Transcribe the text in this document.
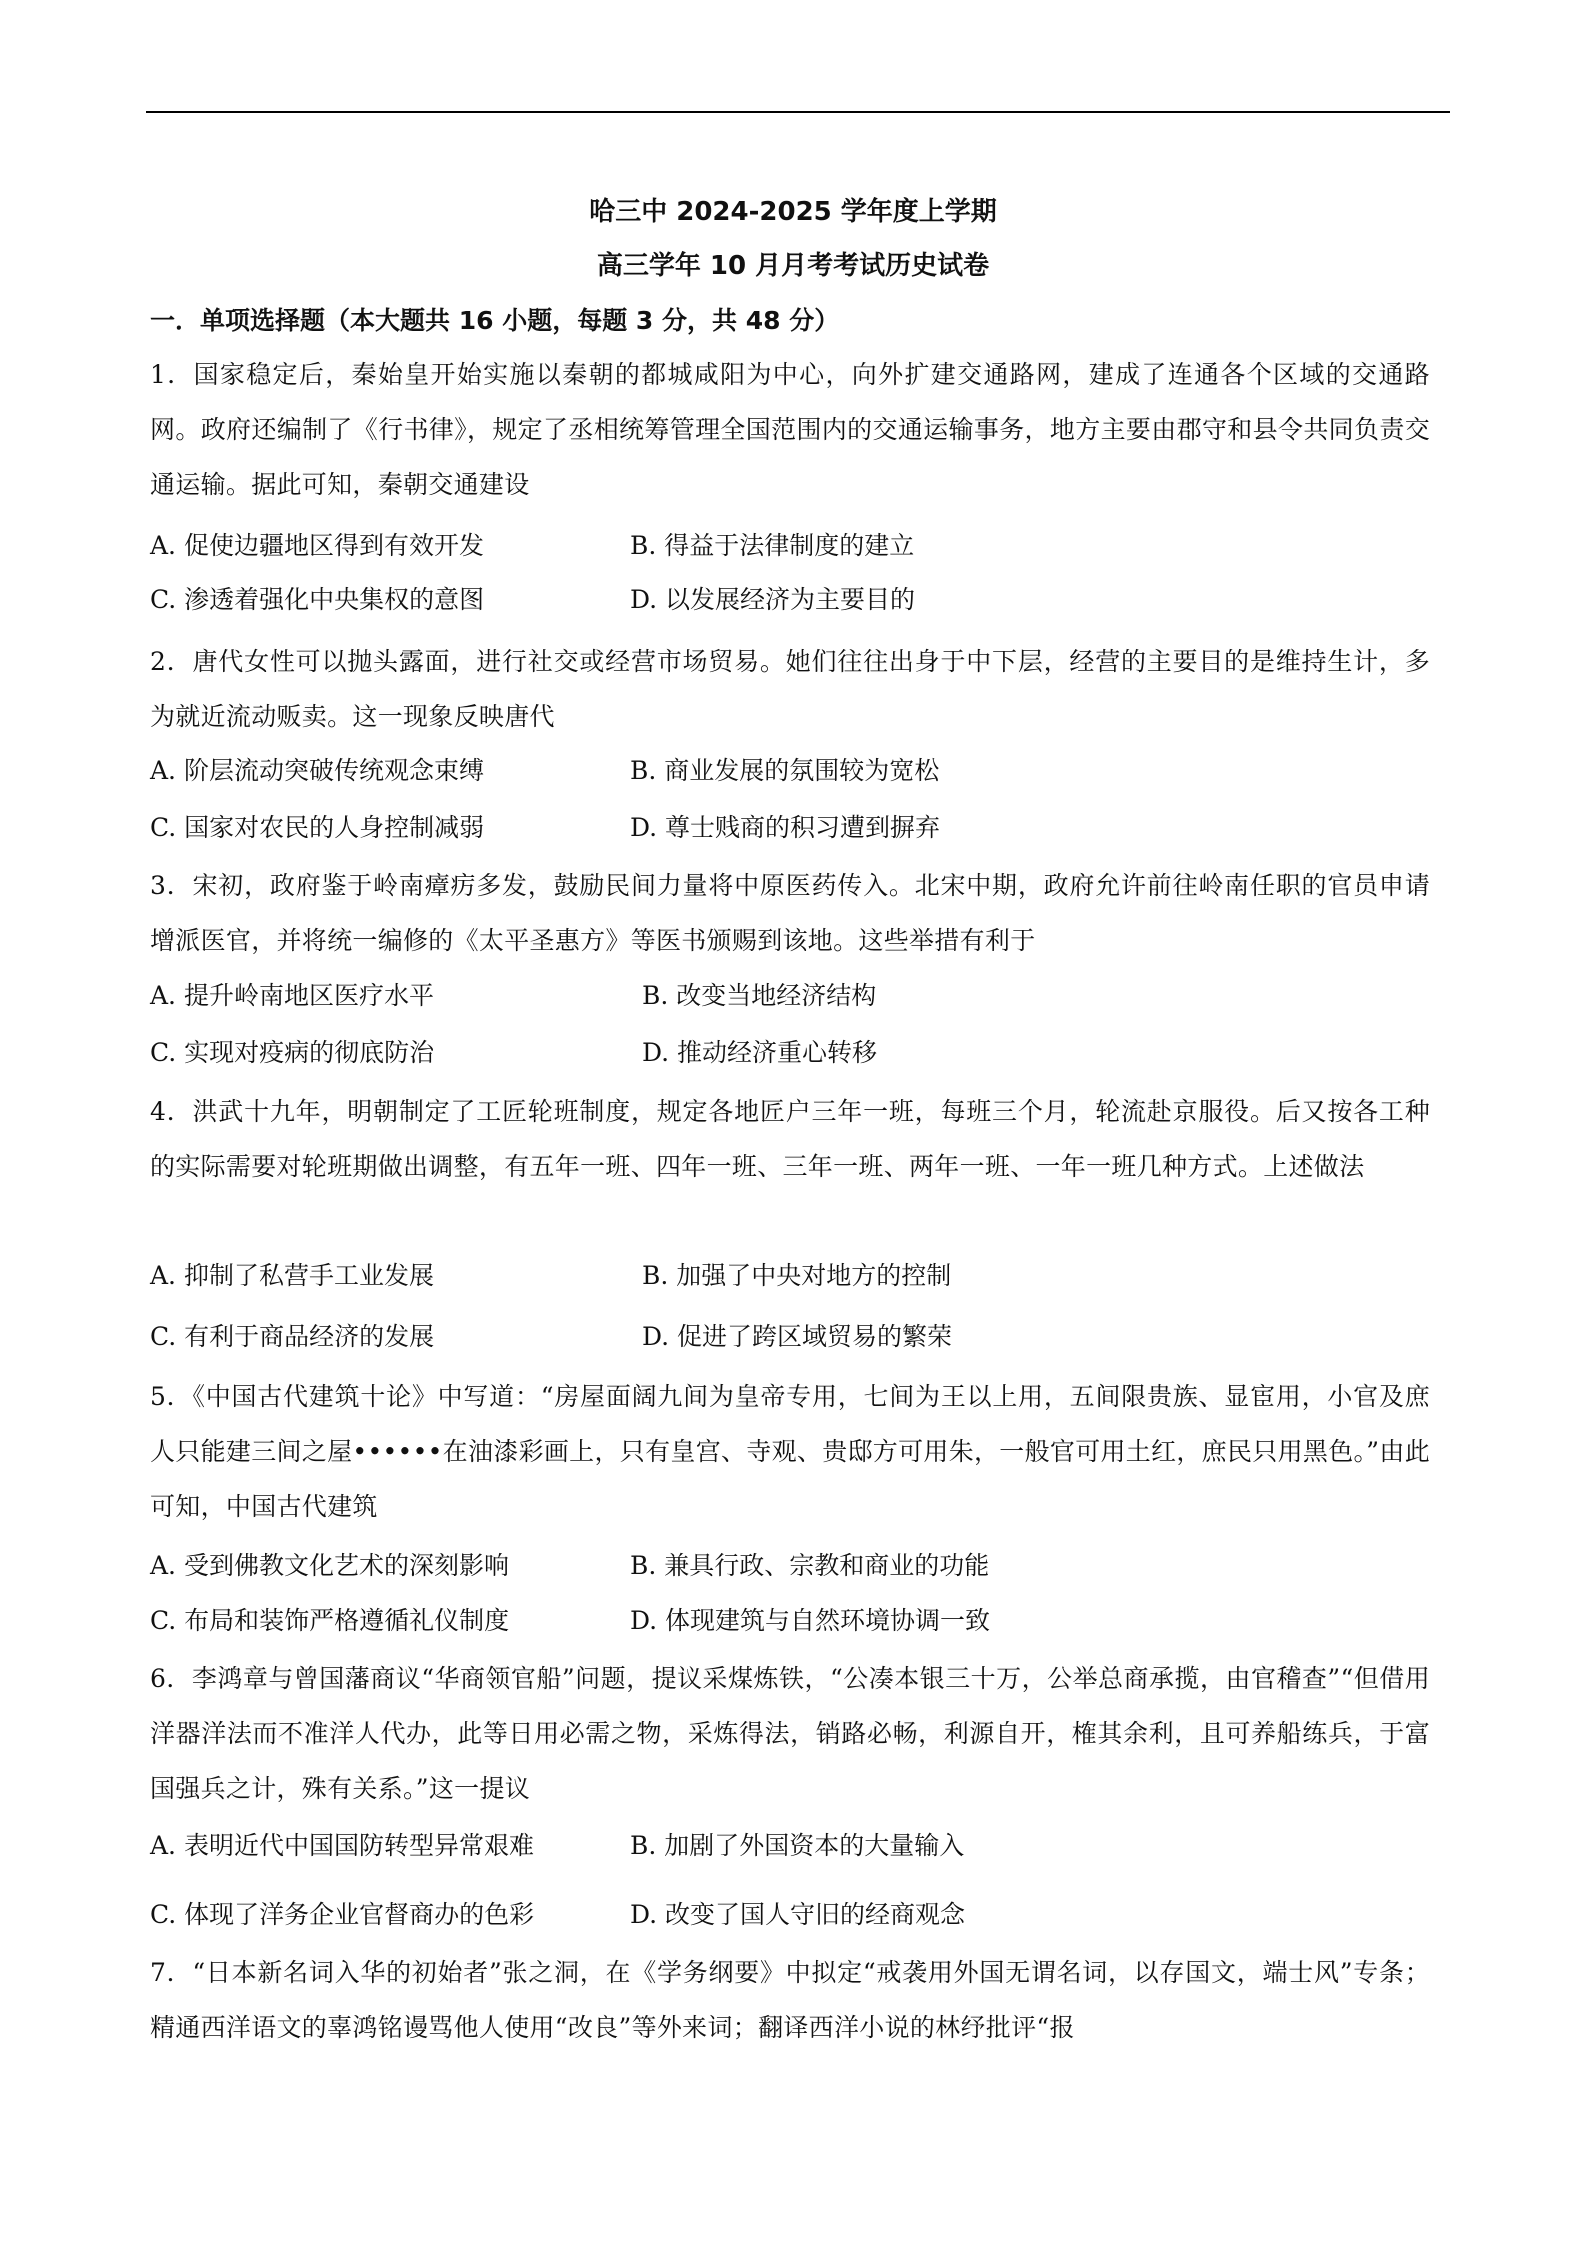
哈三中 2024-2025 学年度上学期
高三学年 10 月月考考试历史试卷
一．单项选择题（本大题共 16 小题，每题 3 分，共 48 分）
1．国家稳定后，秦始皇开始实施以秦朝的都城咸阳为中心，向外扩建交通路网，建成了连通各个区域的交通路网。政府还编制了《行书律》，规定了丞相统筹管理全国范围内的交通运输事务，地方主要由郡守和县令共同负责交通运输。据此可知，秦朝交通建设
A. 促使边疆地区得到有效开发	B. 得益于法律制度的建立
C. 渗透着强化中央集权的意图	D. 以发展经济为主要目的
2．唐代女性可以抛头露面，进行社交或经营市场贸易。她们往往出身于中下层，经营的主要目的是维持生计，多为就近流动贩卖。这一现象反映唐代
A. 阶层流动突破传统观念束缚	B. 商业发展的氛围较为宽松
C. 国家对农民的人身控制减弱	D. 尊士贱商的积习遭到摒弃
3．宋初，政府鉴于岭南瘴疠多发，鼓励民间力量将中原医药传入。北宋中期，政府允许前往岭南任职的官员申请增派医官，并将统一编修的《太平圣惠方》等医书颁赐到该地。这些举措有利于
A. 提升岭南地区医疗水平	B. 改变当地经济结构
C. 实现对疫病的彻底防治	D. 推动经济重心转移
4．洪武十九年，明朝制定了工匠轮班制度，规定各地匠户三年一班，每班三个月，轮流赴京服役。后又按各工种的实际需要对轮班期做出调整，有五年一班、四年一班、三年一班、两年一班、一年一班几种方式。上述做法
A. 抑制了私营手工业发展	B. 加强了中央对地方的控制
C. 有利于商品经济的发展	D. 促进了跨区域贸易的繁荣
5．《中国古代建筑十论》中写道：“房屋面阔九间为皇帝专用，七间为王以上用，五间限贵族、显宦用，小官及庶人只能建三间之屋••••••在油漆彩画上，只有皇宫、寺观、贵邸方可用朱，一般官可用土红，庶民只用黑色。”由此可知，中国古代建筑
A. 受到佛教文化艺术的深刻影响	B. 兼具行政、宗教和商业的功能
C. 布局和装饰严格遵循礼仪制度	D. 体现建筑与自然环境协调一致
6．李鸿章与曾国藩商议“华商领官船”问题，提议采煤炼铁，“公凑本银三十万，公举总商承揽，由官稽查”“但借用洋器洋法而不准洋人代办，此等日用必需之物，采炼得法，销路必畅，利源自开，榷其余利，且可养船练兵，于富国强兵之计，殊有关系。”这一提议
A. 表明近代中国国防转型异常艰难	B. 加剧了外国资本的大量输入
C. 体现了洋务企业官督商办的色彩	D. 改变了国人守旧的经商观念
7．“日本新名词入华的初始者”张之洞，在《学务纲要》中拟定“戒袭用外国无谓名词，以存国文，端士风”专条；精通西洋语文的辜鸿铭谩骂他人使用“改良”等外来词；翻译西洋小说的林纾批评“报
